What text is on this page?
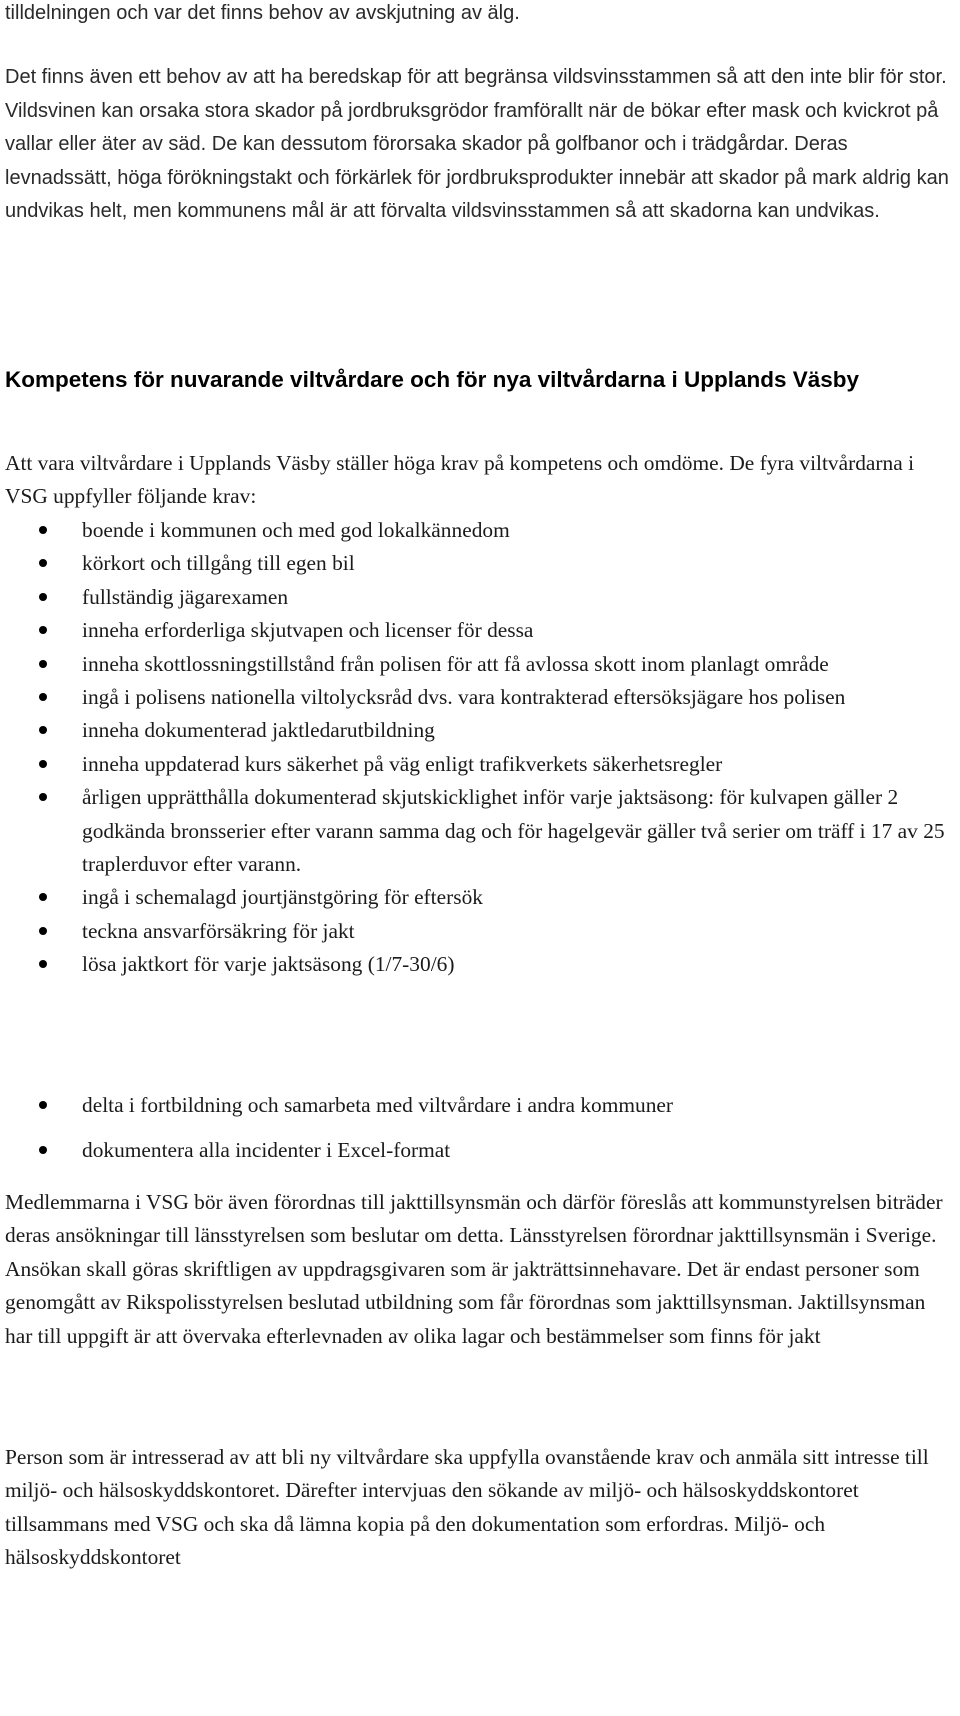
tilldelningen och var det finns behov av avskjutning av älg.

Det finns även ett behov av att ha beredskap för att begränsa vildsvinsstammen så att den inte blir för stor. Vildsvinen kan orsaka stora skador på jordbruksgrödor framförallt när de bökar efter mask och kvickrot på vallar eller äter av säd. De kan dessutom förorsaka skador på golfbanor och i trädgårdar. Deras levnadssätt, höga förökningstakt och förkärlek för jordbruksprodukter innebär att skador på mark aldrig kan undvikas helt, men kommunens mål är att förvalta vildsvinsstammen så att skadorna kan undvikas.

Kompetens för nuvarande viltvårdare och för nya viltvårdarna i Upplands Väsby

Att vara viltvårdare i Upplands Väsby ställer höga krav på kompetens och omdöme. De fyra viltvårdarna i VSG uppfyller följande krav:

boende i kommunen och med god lokalkännedom
körkort och tillgång till egen bil
fullständig jägarexamen
inneha erforderliga skjutvapen och licenser för dessa
inneha skottlossningstillstånd från polisen för att få avlossa skott inom planlagt område
ingå i polisens nationella viltolycksråd dvs. vara kontrakterad eftersöksjägare hos polisen
inneha dokumenterad jaktledarutbildning
inneha uppdaterad kurs säkerhet på väg enligt trafikverkets säkerhetsregler
årligen upprätthålla dokumenterad skjutskicklighet inför varje jaktsäsong: för kulvapen gäller 2 godkända bronsserier efter varann samma dag och för hagelgevär gäller två serier om träff i 17 av 25 traplerduvor efter varann.
ingå i schemalagd jourtjänstgöring för eftersök
teckna ansvarförsäkring för jakt
lösa jaktkort för varje jaktsäsong (1/7-30/6)
delta i fortbildning och samarbeta med viltvårdare i andra kommuner
dokumentera alla incidenter i Excel-format

Medlemmarna i VSG bör även förordnas till jakttillsynsmän och därför föreslås att kommunstyrelsen biträder deras ansökningar till länsstyrelsen som beslutar om detta. Länsstyrelsen förordnar jakttillsynsmän i Sverige. Ansökan skall göras skriftligen av uppdragsgivaren som är jakträttsinnehavare. Det är endast personer som genomgått av Rikspolisstyrelsen beslutad utbildning som får förordnas som jakttillsynsman. Jaktillsynsman har till uppgift är att övervaka efterlevnaden av olika lagar och bestämmelser som finns för jakt

Person som är intresserad av att bli ny viltvårdare ska uppfylla ovanstående krav och anmäla sitt intresse till miljö- och hälsoskyddskontoret. Därefter intervjuas den sökande av miljö- och hälsoskyddskontoret tillsammans med VSG och ska då lämna kopia på den dokumentation som erfordras. Miljö- och hälsoskyddskontoret
